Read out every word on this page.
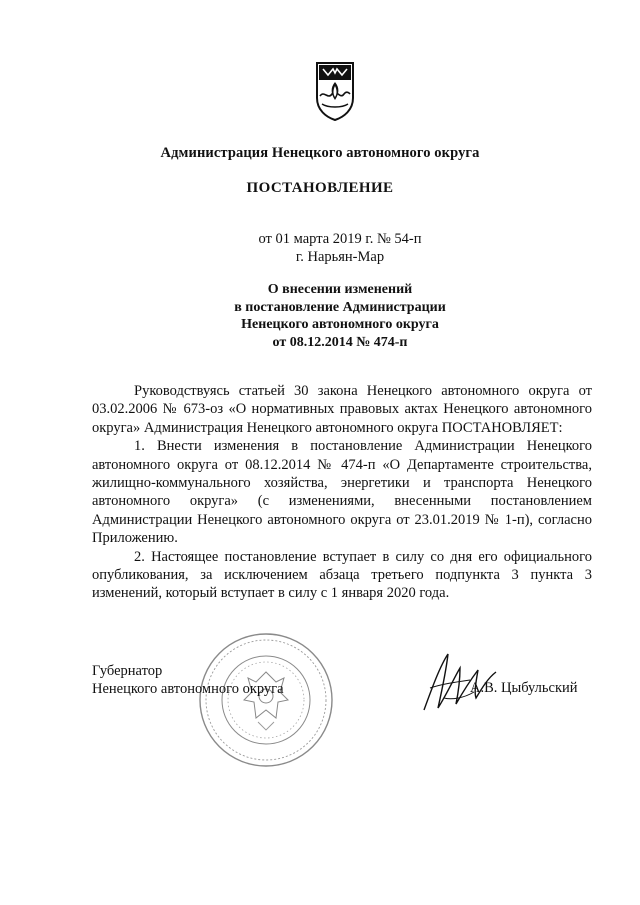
Администрация Ненецкого автономного округа
ПОСТАНОВЛЕНИЕ
от 01 марта 2019 г. № 54-п
г. Нарьян-Мар
О внесении изменений
в постановление Администрации
Ненецкого автономного округа
от 08.12.2014 № 474-п

Руководствуясь статьей 30 закона Ненецкого автономного округа от 03.02.2006 № 673-оз «О нормативных правовых актах Ненецкого автономного округа» Администрация Ненецкого автономного округа ПОСТАНОВЛЯЕТ:

1. Внести изменения в постановление Администрации Ненецкого автономного округа от 08.12.2014 № 474-п «О Департаменте строительства, жилищно-коммунального хозяйства, энергетики и транспорта Ненецкого автономного округа» (с изменениями, внесенными постановлением Администрации Ненецкого автономного округа от 23.01.2019 № 1-п), согласно Приложению.

2. Настоящее постановление вступает в силу со дня его официального опубликования, за исключением абзаца третьего подпункта 3 пункта 3 изменений, который вступает в силу с 1 января 2020 года.

Губернатор
Ненецкого автономного округа	А.В. Цыбульский
